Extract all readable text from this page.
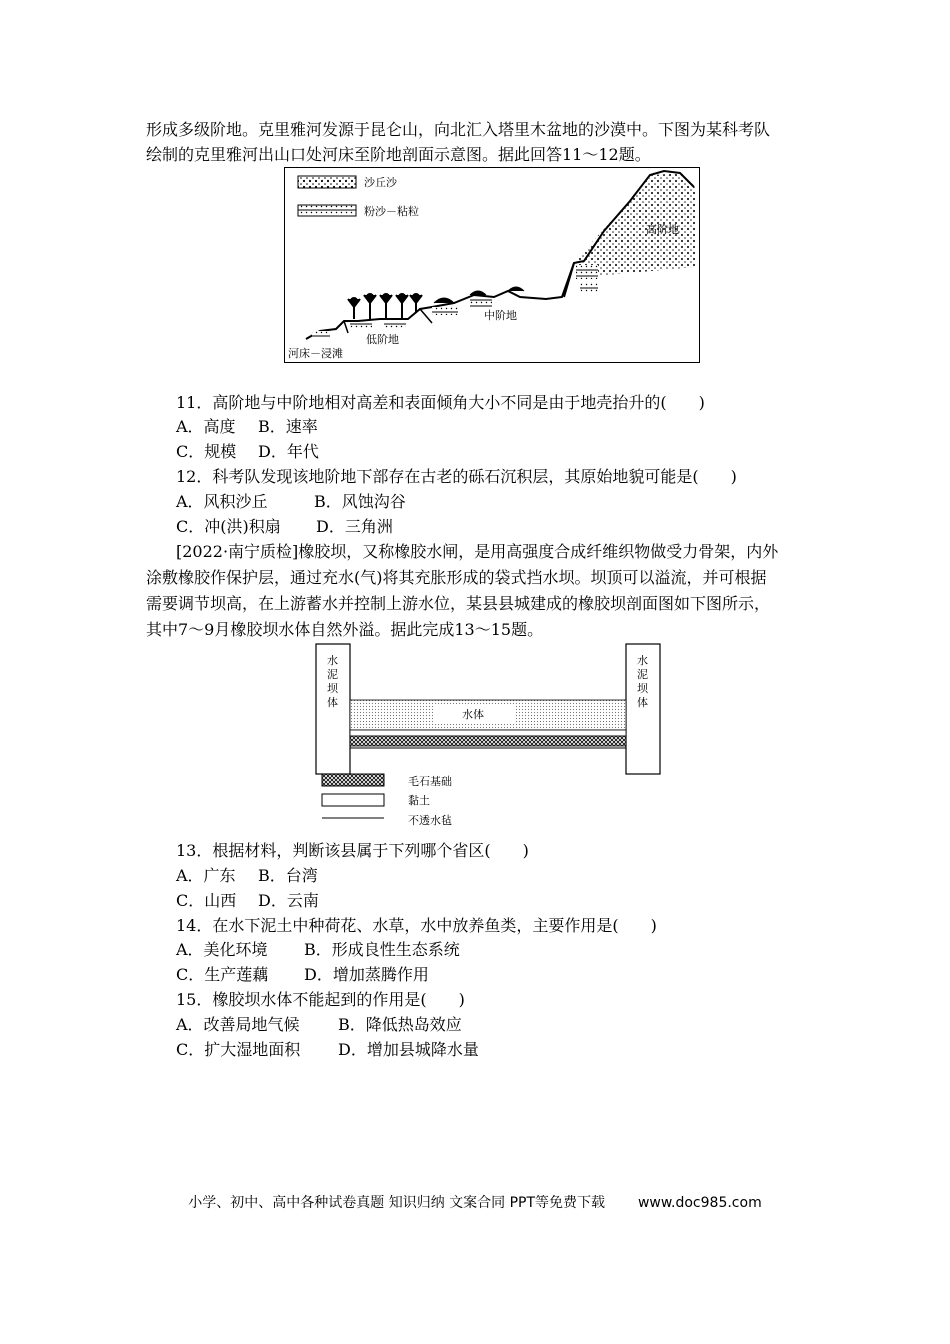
形成多级阶地。克里雅河发源于昆仑山，向北汇入塔里木盆地的沙漠中。下图为某科考队
绘制的克里雅河出山口处河床至阶地剖面示意图。据此回答11～12题。
沙丘沙
粉沙－粘粒
高阶地
中阶地
低阶地
河床－浸滩
11．高阶地与中阶地相对高差和表面倾角大小不同是由于地壳抬升的(　　)
A．高度 B．速率
C．规模 D．年代
12．科考队发现该地阶地下部存在古老的砾石沉积层，其原始地貌可能是(　　)
A．风积沙丘	B．风蚀沟谷
C．冲(洪)积扇 D．三角洲
[2022·南宁质检]橡胶坝，又称橡胶水闸，是用高强度合成纤维织物做受力骨架，内外
涂敷橡胶作保护层，通过充水(气)将其充胀形成的袋式挡水坝。坝顶可以溢流，并可根据
需要调节坝高，在上游蓄水并控制上游水位，某县县城建成的橡胶坝剖面图如下图所示，
其中7～9月橡胶坝水体自然外溢。据此完成13～15题。
水
泥
坝
体
水
泥
坝
体
水体
毛石基础
黏土
不透水毡
13．根据材料，判断该县属于下列哪个省区(　　)
A．广东 B．台湾
C．山西 D．云南
14．在水下泥土中种荷花、水草，水中放养鱼类，主要作用是(　　)
A．美化环境 B．形成良性生态系统
C．生产莲藕 D．增加蒸腾作用
15．橡胶坝水体不能起到的作用是(　　)
A．改善局地气候 B．降低热岛效应
C．扩大湿地面积 D．增加县城降水量
小学、初中、高中各种试卷真题 知识归纳 文案合同 PPT等免费下载 www.doc985.com
